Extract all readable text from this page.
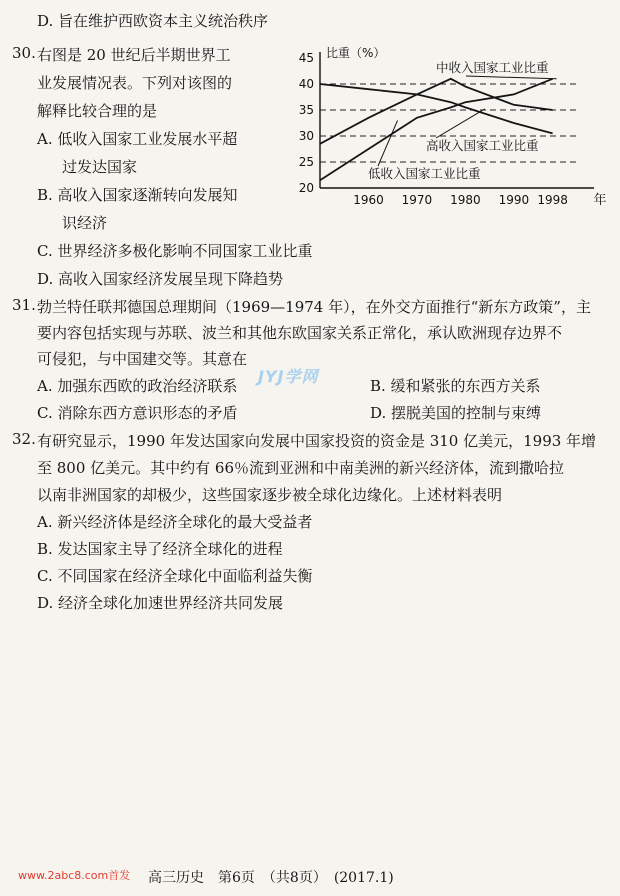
D. 旨在维护西欧资本主义统治秩序
30. 右图是 20 世纪后半期世界工
业发展情况表。下列对该图的
解释比较合理的是
A. 低收入国家工业发展水平超
过发达国家
B. 高收入国家逐渐转向发展知
识经济
C. 世界经济多极化影响不同国家工业比重
D. 高收入国家经济发展呈现下降趋势
比重（%）
45
40
35
30
25
20
1960 1970 1980 1990 1998 年
中收入国家工业比重
高收入国家工业比重
低收入国家工业比重
31. 勃兰特任联邦德国总理期间（1969—1974 年），在外交方面推行“新东方政策”，主
要内容包括实现与苏联、波兰和其他东欧国家关系正常化，承认欧洲现存边界不
可侵犯，与中国建交等。其意在
A. 加强东西欧的政治经济联系	B. 缓和紧张的东西方关系
C. 消除东西方意识形态的矛盾	D. 摆脱美国的控制与束缚
JYJ学网
32. 有研究显示，1990 年发达国家向发展中国家投资的资金是 310 亿美元，1993 年增
至 800 亿美元。其中约有 66％流到亚洲和中南美洲的新兴经济体，流到撒哈拉
以南非洲国家的却极少，这些国家逐步被全球化边缘化。上述材料表明
A. 新兴经济体是经济全球化的最大受益者
B. 发达国家主导了经济全球化的进程
C. 不同国家在经济全球化中面临利益失衡
D. 经济全球化加速世界经济共同发展
www.2abc8.com首发 高三历史　第6页　（共8页）　(2017.1)
